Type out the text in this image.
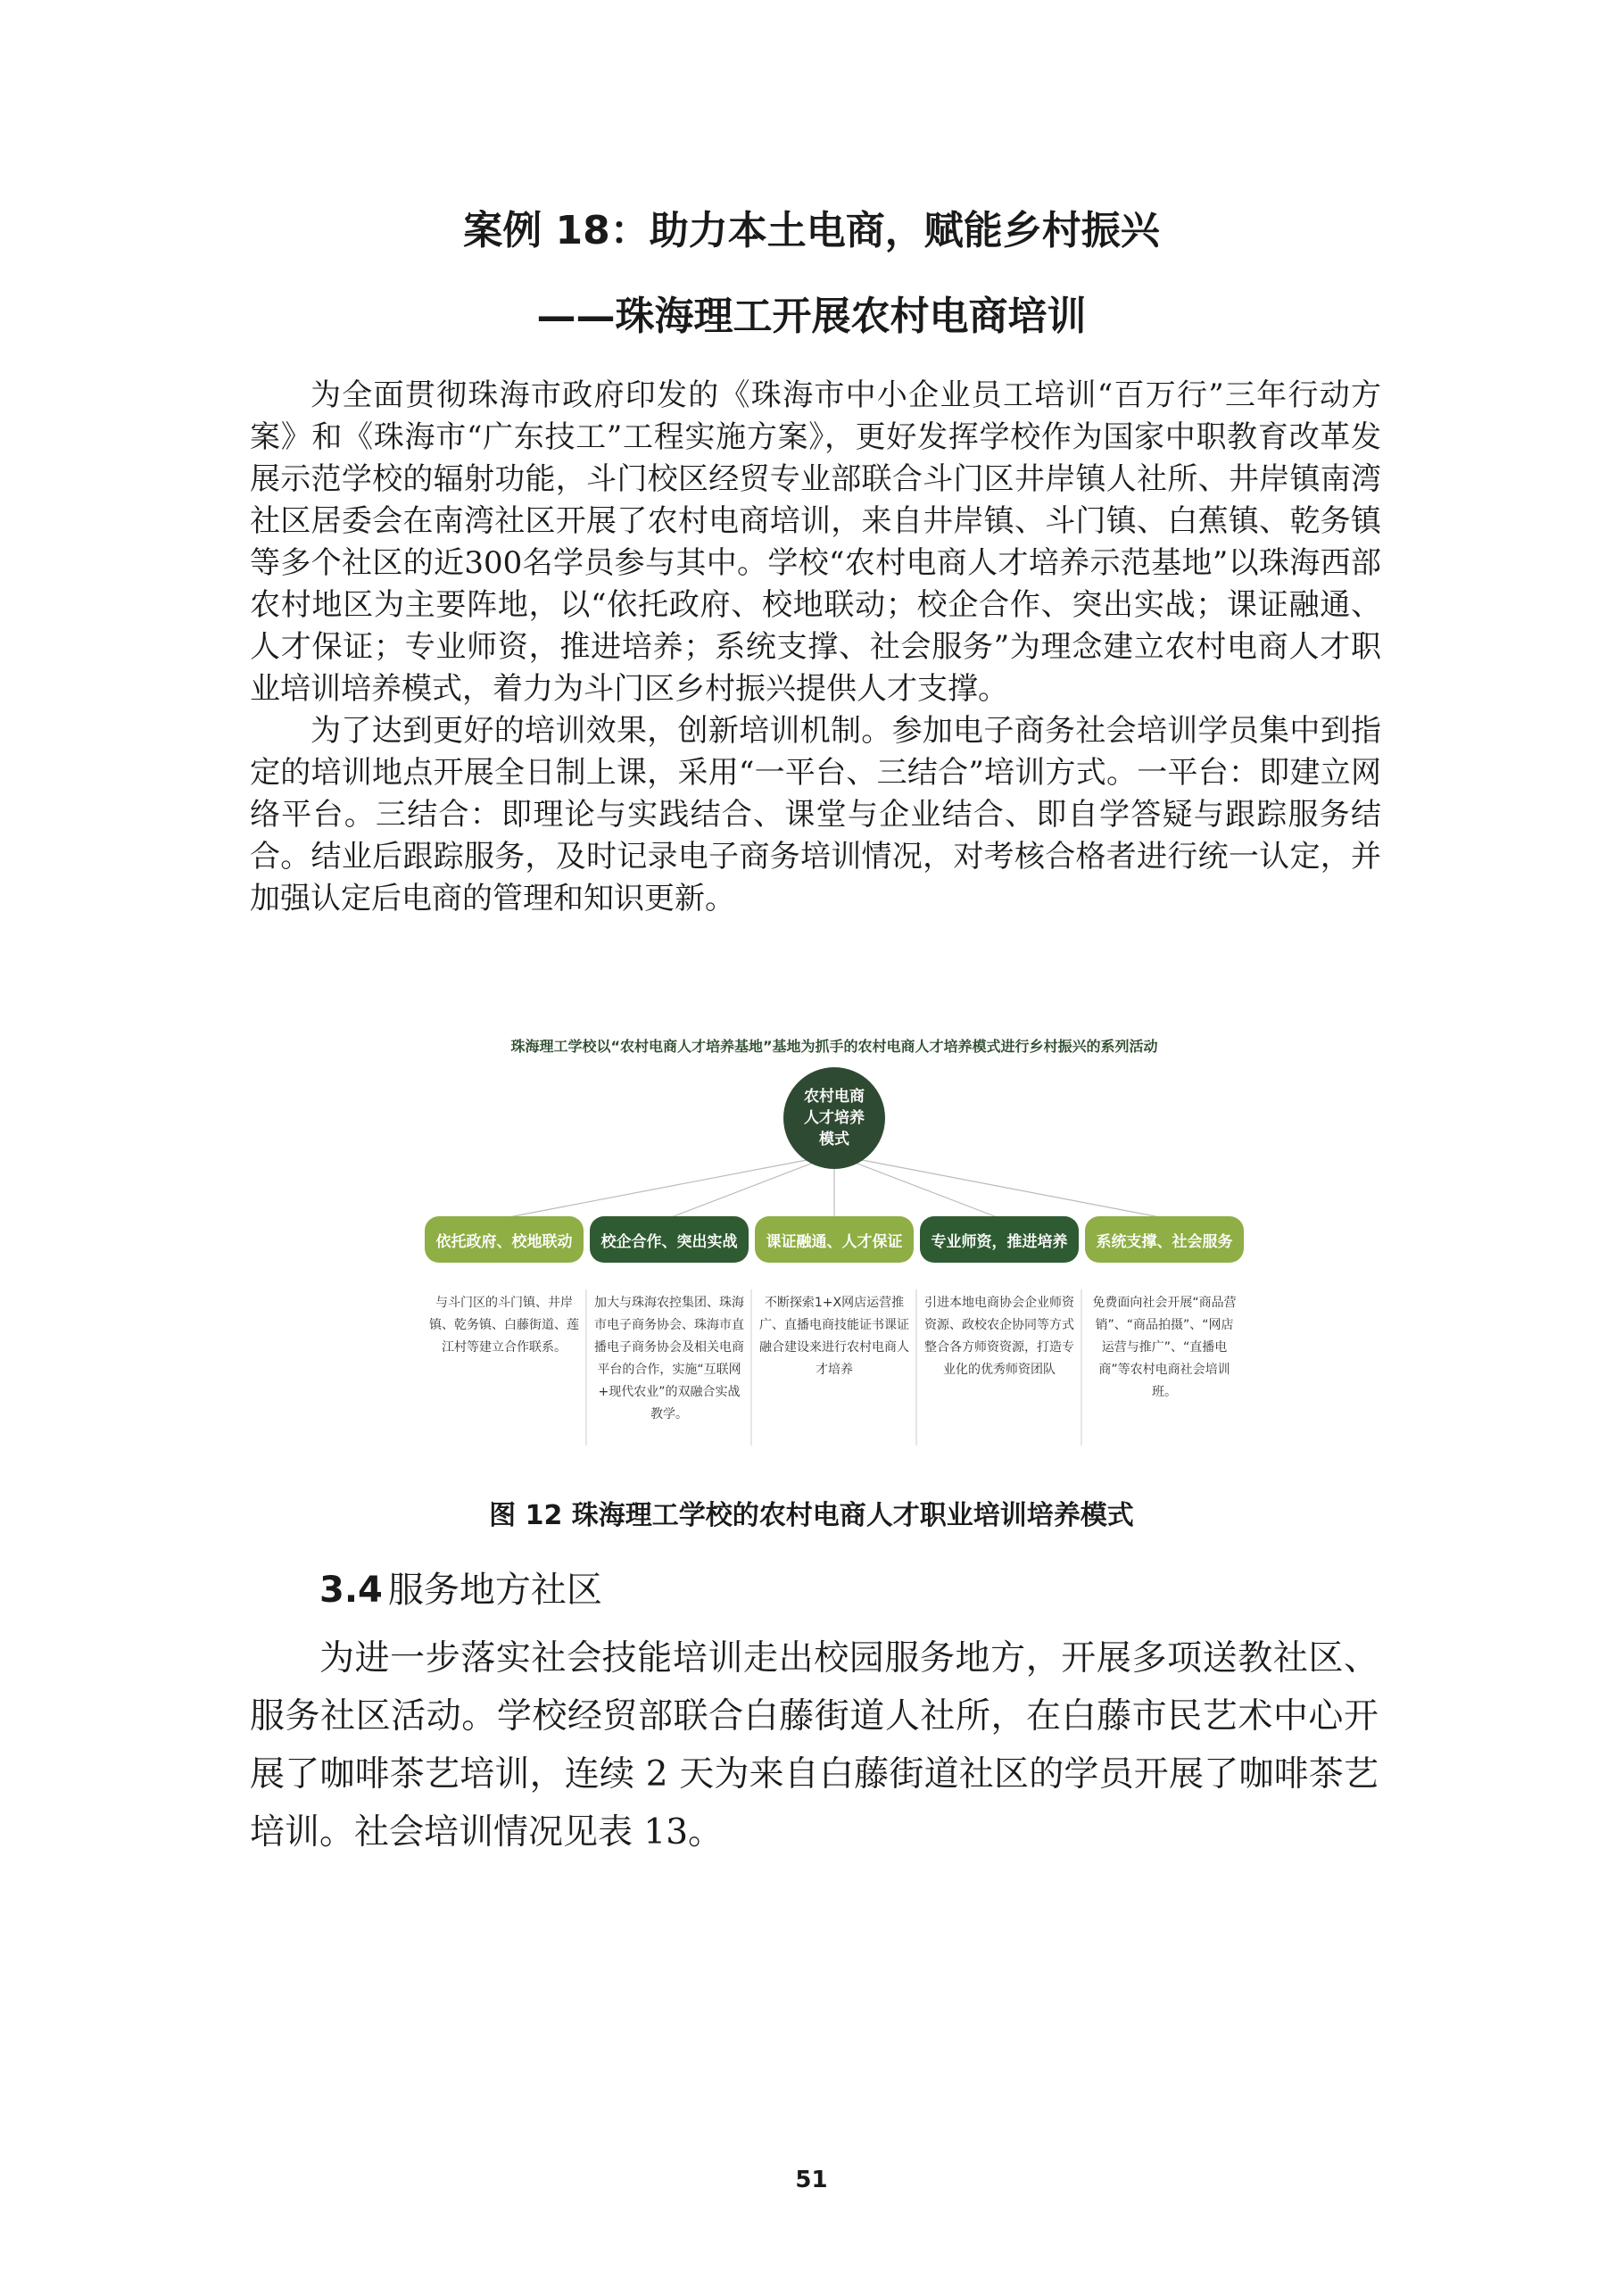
案例 18：助力本土电商，赋能乡村振兴
——珠海理工开展农村电商培训

为全面贯彻珠海市政府印发的《珠海市中小企业员工培训“百万行”三年行动方案》和《珠海市“广东技工”工程实施方案》，更好发挥学校作为国家中职教育改革发展示范学校的辐射功能，斗门校区经贸专业部联合斗门区井岸镇人社所、井岸镇南湾社区居委会在南湾社区开展了农村电商培训，来自井岸镇、斗门镇、白蕉镇、乾务镇等多个社区的近300名学员参与其中。学校“农村电商人才培养示范基地”以珠海西部农村地区为主要阵地，以“依托政府、校地联动；校企合作、突出实战；课证融通、人才保证；专业师资，推进培养；系统支撑、社会服务”为理念建立农村电商人才职业培训培养模式，着力为斗门区乡村振兴提供人才支撑。

为了达到更好的培训效果，创新培训机制。参加电子商务社会培训学员集中到指定的培训地点开展全日制上课，采用“一平台、三结合”培训方式。一平台：即建立网络平台。三结合：即理论与实践结合、课堂与企业结合、即自学答疑与跟踪服务结合。结业后跟踪服务，及时记录电子商务培训情况，对考核合格者进行统一认定，并加强认定后电商的管理和知识更新。

珠海理工学校以“农村电商人才培养基地”基地为抓手的农村电商人才培养模式进行乡村振兴的系列活动
农村电商人才培养模式
依托政府、校地联动	校企合作、突出实战	课证融通、人才保证	专业师资，推进培养	系统支撑、社会服务
与斗门区的斗门镇、井岸镇、乾务镇、白藤街道、莲江村等建立合作联系。
加大与珠海农控集团、珠海市电子商务协会、珠海市直播电子商务协会及相关电商平台的合作，实施“互联网+现代农业”的双融合实战教学。
不断探索1+X网店运营推广、直播电商技能证书课证融合建设来进行农村电商人才培养
引进本地电商协会企业师资资源、政校农企协同等方式整合各方师资资源，打造专业化的优秀师资团队
免费面向社会开展“商品营销”、“商品拍摄”、“网店运营与推广”、“直播电商”等农村电商社会培训班。
图 12 珠海理工学校的农村电商人才职业培训培养模式
3.4 服务地方社区

为进一步落实社会技能培训走出校园服务地方，开展多项送教社区、服务社区活动。学校经贸部联合白藤街道人社所，在白藤市民艺术中心开展了咖啡茶艺培训，连续 2 天为来自白藤街道社区的学员开展了咖啡茶艺培训。社会培训情况见表 13。

51
